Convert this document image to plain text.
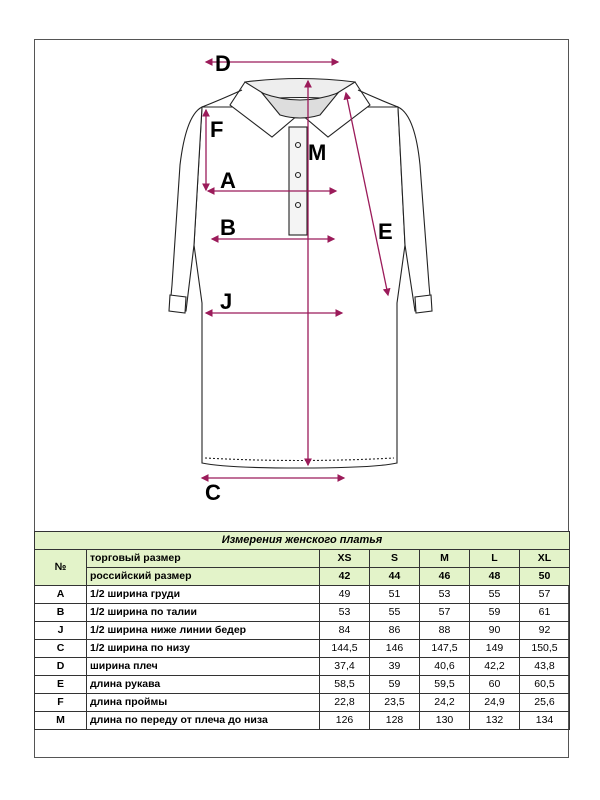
D
F
M
A
E
B
J
C
Измерения женского платья						
№	торговый размер	XS	S	M	L	XL
	российский размер	42	44	46	48	50
A	1/2 ширина груди	49	51	53	55	57
B	1/2 ширина по талии	53	55	57	59	61
J	1/2 ширина ниже линии бедер	84	86	88	90	92
C	1/2 ширина по низу	144,5	146	147,5	149	150,5
D	ширина плеч	37,4	39	40,6	42,2	43,8
E	длина рукава	58,5	59	59,5	60	60,5
F	длина проймы	22,8	23,5	24,2	24,9	25,6
M	длина по переду от плеча до низа	126	128	130	132	134
